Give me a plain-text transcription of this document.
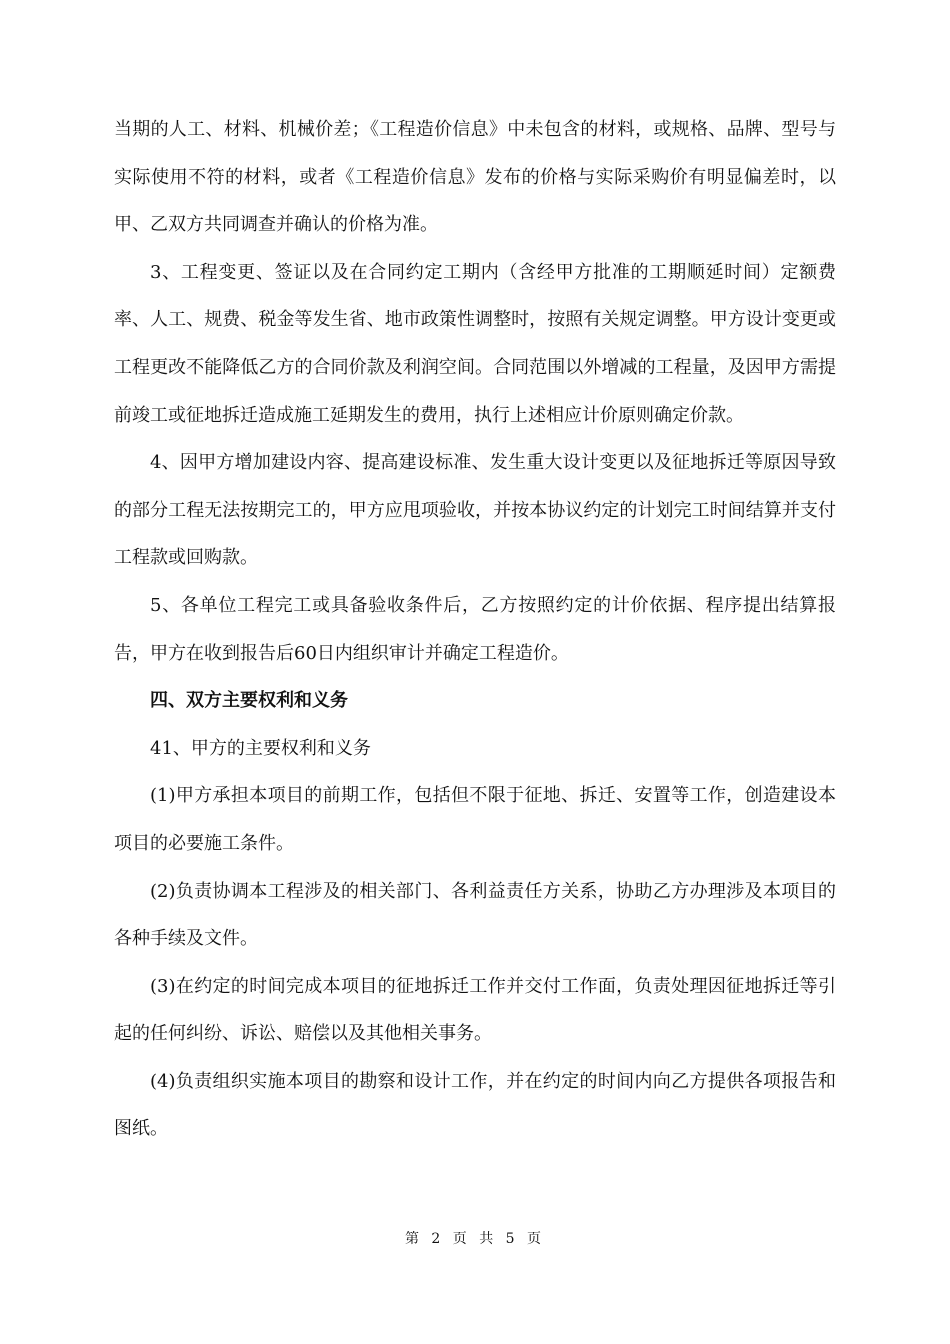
当期的人工、材料、机械价差；《工程造价信息》中未包含的材料，或规格、品牌、型号与实际使用不符的材料，或者《工程造价信息》发布的价格与实际采购价有明显偏差时，以甲、乙双方共同调查并确认的价格为准。

3、工程变更、签证以及在合同约定工期内（含经甲方批准的工期顺延时间）定额费率、人工、规费、税金等发生省、地市政策性调整时，按照有关规定调整。甲方设计变更或工程更改不能降低乙方的合同价款及利润空间。合同范围以外增减的工程量，及因甲方需提前竣工或征地拆迁造成施工延期发生的费用，执行上述相应计价原则确定价款。

4、因甲方增加建设内容、提高建设标准、发生重大设计变更以及征地拆迁等原因导致的部分工程无法按期完工的，甲方应甩项验收，并按本协议约定的计划完工时间结算并支付工程款或回购款。

5、各单位工程完工或具备验收条件后，乙方按照约定的计价依据、程序提出结算报告，甲方在收到报告后60日内组织审计并确定工程造价。

四、双方主要权利和义务

41、甲方的主要权利和义务

(1)甲方承担本项目的前期工作，包括但不限于征地、拆迁、安置等工作，创造建设本项目的必要施工条件。

(2)负责协调本工程涉及的相关部门、各利益责任方关系，协助乙方办理涉及本项目的各种手续及文件。

(3)在约定的时间完成本项目的征地拆迁工作并交付工作面，负责处理因征地拆迁等引起的任何纠纷、诉讼、赔偿以及其他相关事务。

(4)负责组织实施本项目的勘察和设计工作，并在约定的时间内向乙方提供各项报告和图纸。

第 2 页 共 5 页
